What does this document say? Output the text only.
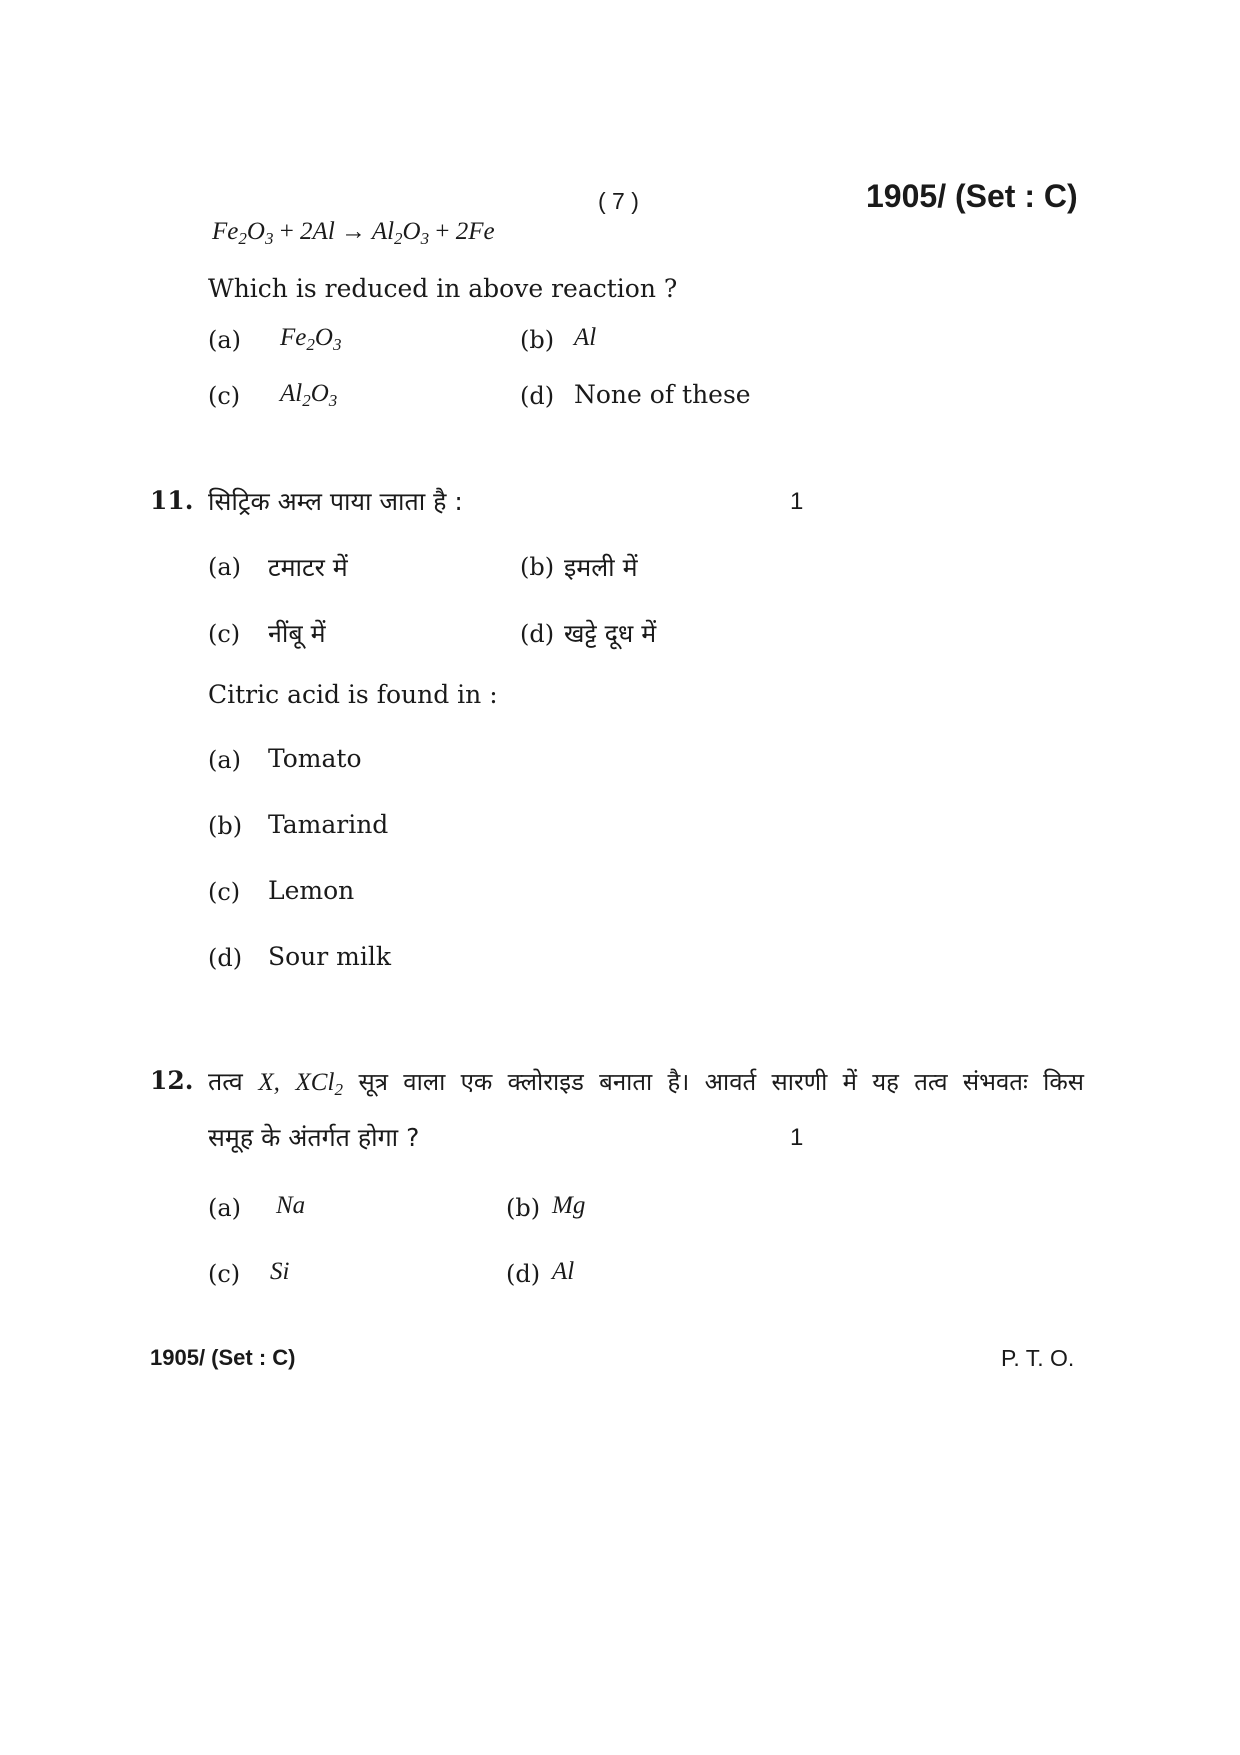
( 7 )	1905/ (Set : C)
$Fe_2O_3 + 2Al \to Al_2O_3 + 2Fe$
Which is reduced in above reaction ?
(a) $Fe_2O_3$	(b) Al
(c) $Al_2O_3$	(d) None of these
11. सिट्रिक अम्ल पाया जाता है :	1
(a) टमाटर में	(b) इमली में
(c) नींबू में	(d) खट्टे दूध में
Citric acid is found in :
(a) Tomato
(b) Tamarind
(c) Lemon
(d) Sour milk
12. तत्व X, XCl$_2$ सूत्र वाला एक क्लोराइड बनाता है। आवर्त सारणी में यह तत्व संभवतः किस
समूह के अंतर्गत होगा ?	1
(a) Na	(b) Mg
(c) Si	(d) Al
1905/ (Set : C)	P. T. O.
